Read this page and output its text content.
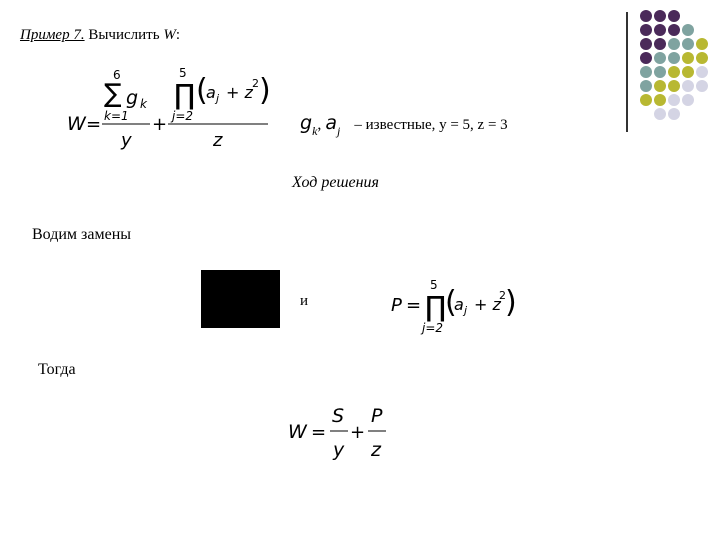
Пример 7. Вычислить W:
W =
6
∑
k=1
g k
y
+
5
∏
j=2
(
a j + z 2 )
z
$g_k$, $a_j$ – известные, y = 5, z = 3
Ход решения
Водим замены
и	P =
5
∏
j=2
(
a j + z
2 )
Тогда
W =
S
y
+
P
z
